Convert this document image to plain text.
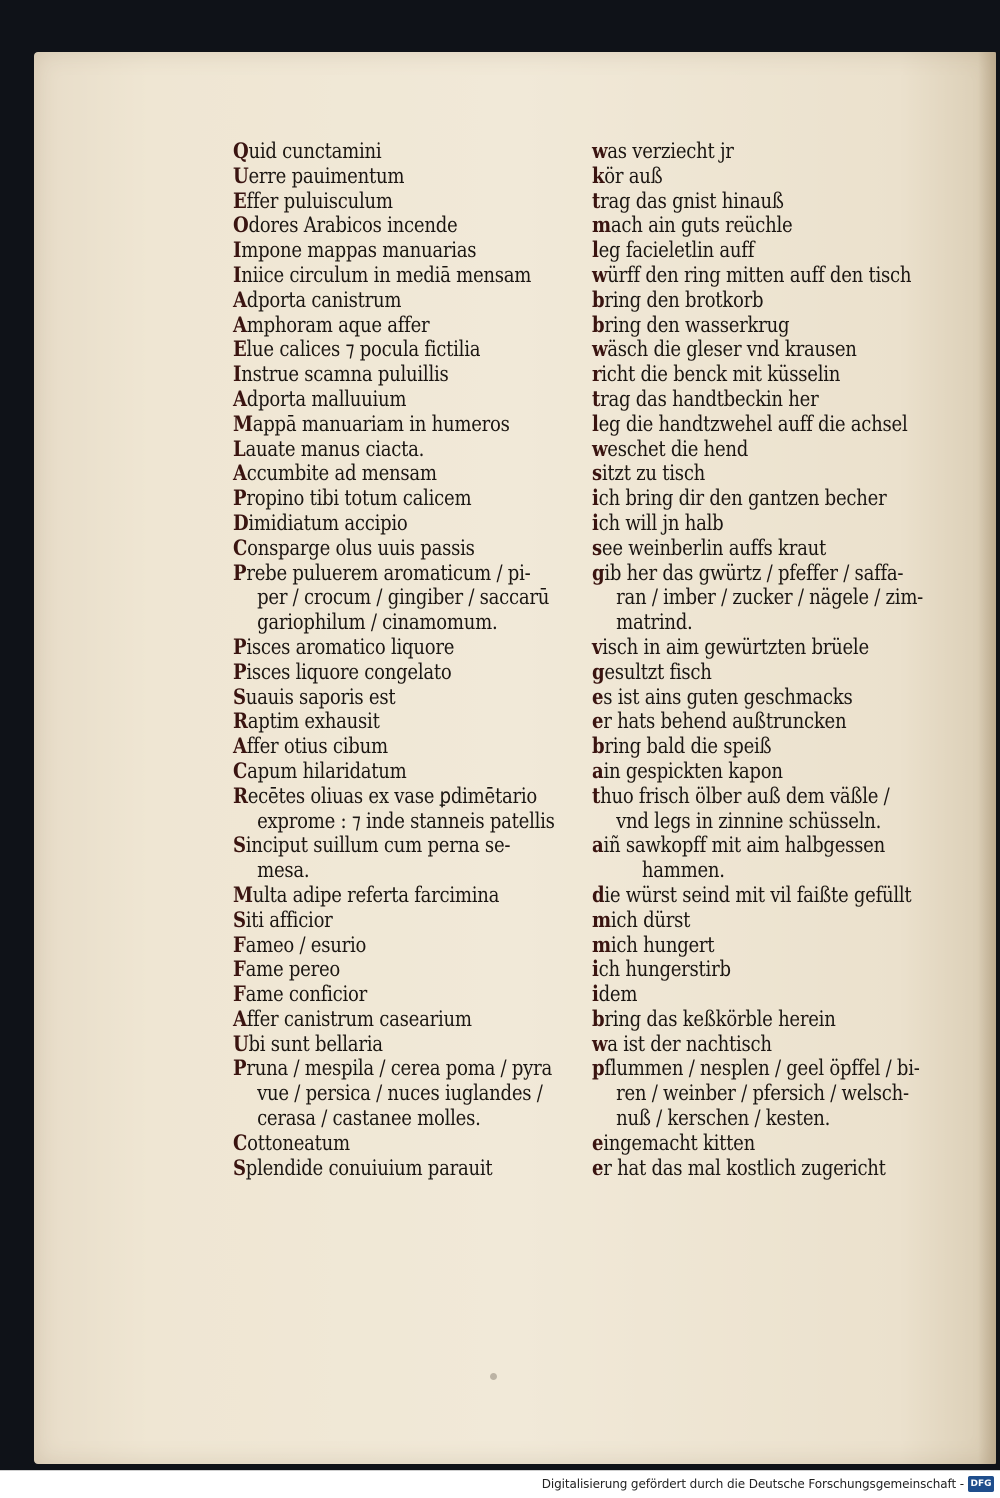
Quid cunctamini
Uerre pauimentum
Effer puluisculum
Odores Arabicos incende
Impone mappas manuarias
Iniice circulum in mediā mensam
Adporta canistrum
Amphoram aque affer
Elue calices ⁊ pocula fictilia
Instrue scamna puluillis
Adporta malluuium
Mappā manuariam in humeros
Lauate manus ciacta.
Accumbite ad mensam
Propino tibi totum calicem
Dimidiatum accipio
Consparge olus uuis passis
Prebe puluerem aromaticum / pi-
per / crocum / gingiber / saccarū
gariophilum / cinamomum.
Pisces aromatico liquore
Pisces liquore congelato
Suauis saporis est
Raptim exhausit
Affer otius cibum
Capum hilaridatum
Recētes oliuas ex vase ꝑdimētario
exprome : ⁊ inde stanneis patellis
Sinciput suillum cum perna se-
mesa.
Multa adipe referta farcimina
Siti afficior
Fameo / esurio
Fame pereo
Fame conficior
Affer canistrum casearium
Ubi sunt bellaria
Pruna / mespila / cerea poma / pyra
vue / persica / nuces iuglandes /
cerasa / castanee molles.
Cottoneatum
Splendide conuiuium parauit
was verziecht jr
kör auß
trag das gnist hinauß
mach ain guts reüchle
leg facieletlin auff
würff den ring mitten auff den tisch
bring den brotkorb
bring den wasserkrug
wäsch die gleser vnd krausen
richt die benck mit küsselin
trag das handtbeckin her
leg die handtzwehel auff die achsel
weschet die hend
sitzt zu tisch
ich bring dir den gantzen becher
ich will jn halb
see weinberlin auffs kraut
gib her das gwürtz / pfeffer / saffa-
ran / imber / zucker / nägele / zim-
matrind.
visch in aim gewürtzten brüele
gesultzt fisch
es ist ains guten geschmacks
er hats behend außtruncken
bring bald die speiß
ain gespickten kapon
thuo frisch ölber auß dem väßle /
vnd legs in zinnine schüsseln.
aiñ sawkopff mit aim halbgessen
hammen.
die würst seind mit vil faißte gefüllt
mich dürst
mich hungert
ich hungerstirb
idem
bring das keßkörble herein
wa ist der nachtisch
pflummen / nesplen / geel öpffel / bi-
ren / weinber / pfersich / welsch-
nuß / kerschen / kesten.
eingemacht kitten
er hat das mal kostlich zugericht
Digitalisierung gefördert durch die Deutsche Forschungsgemeinschaft - DFG
